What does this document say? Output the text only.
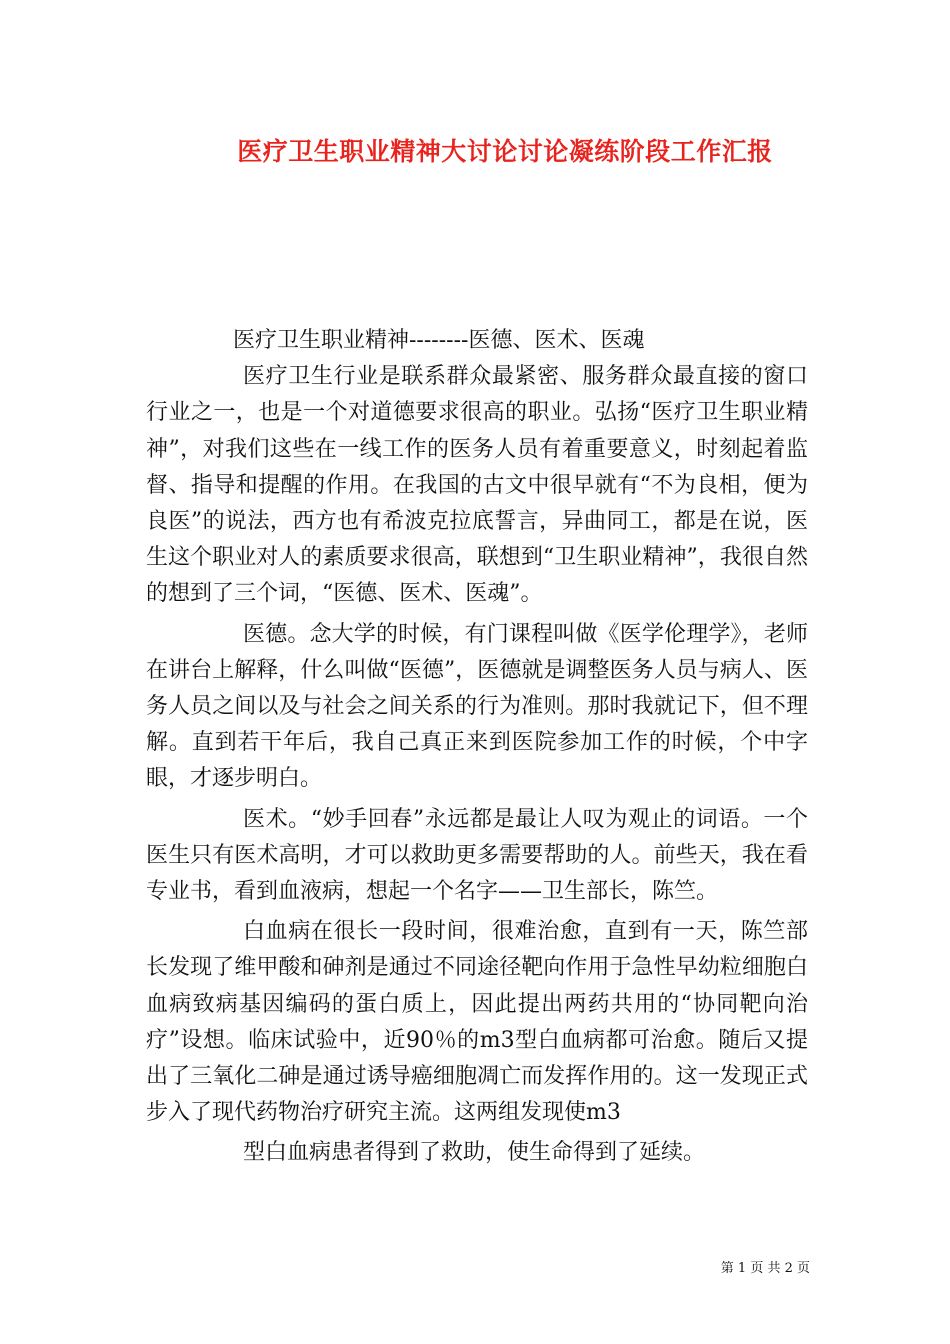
医疗卫生职业精神大讨论讨论凝练阶段工作汇报

医疗卫生职业精神--------医德、医术、医魂

医疗卫生行业是联系群众最紧密、服务群众最直接的窗口行业之一，也是一个对道德要求很高的职业。弘扬“医疗卫生职业精神”，对我们这些在一线工作的医务人员有着重要意义，时刻起着监督、指导和提醒的作用。在我国的古文中很早就有“不为良相，便为良医”的说法，西方也有希波克拉底誓言，异曲同工，都是在说，医生这个职业对人的素质要求很高，联想到“卫生职业精神”，我很自然的想到了三个词，“医德、医术、医魂”。

医德。念大学的时候，有门课程叫做《医学伦理学》，老师在讲台上解释，什么叫做“医德”，医德就是调整医务人员与病人、医务人员之间以及与社会之间关系的行为准则。那时我就记下，但不理解。直到若干年后，我自己真正来到医院参加工作的时候，个中字眼，才逐步明白。

医术。“妙手回春”永远都是最让人叹为观止的词语。一个医生只有医术高明，才可以救助更多需要帮助的人。前些天，我在看专业书，看到血液病，想起一个名字——卫生部长，陈竺。

白血病在很长一段时间，很难治愈，直到有一天，陈竺部长发现了维甲酸和砷剂是通过不同途径靶向作用于急性早幼粒细胞白血病致病基因编码的蛋白质上，因此提出两药共用的“协同靶向治疗”设想。临床试验中，近90％的m3型白血病都可治愈。随后又提出了三氧化二砷是通过诱导癌细胞凋亡而发挥作用的。这一发现正式步入了现代药物治疗研究主流。这两组发现使m3

型白血病患者得到了救助，使生命得到了延续。

第 1 页 共 2 页
